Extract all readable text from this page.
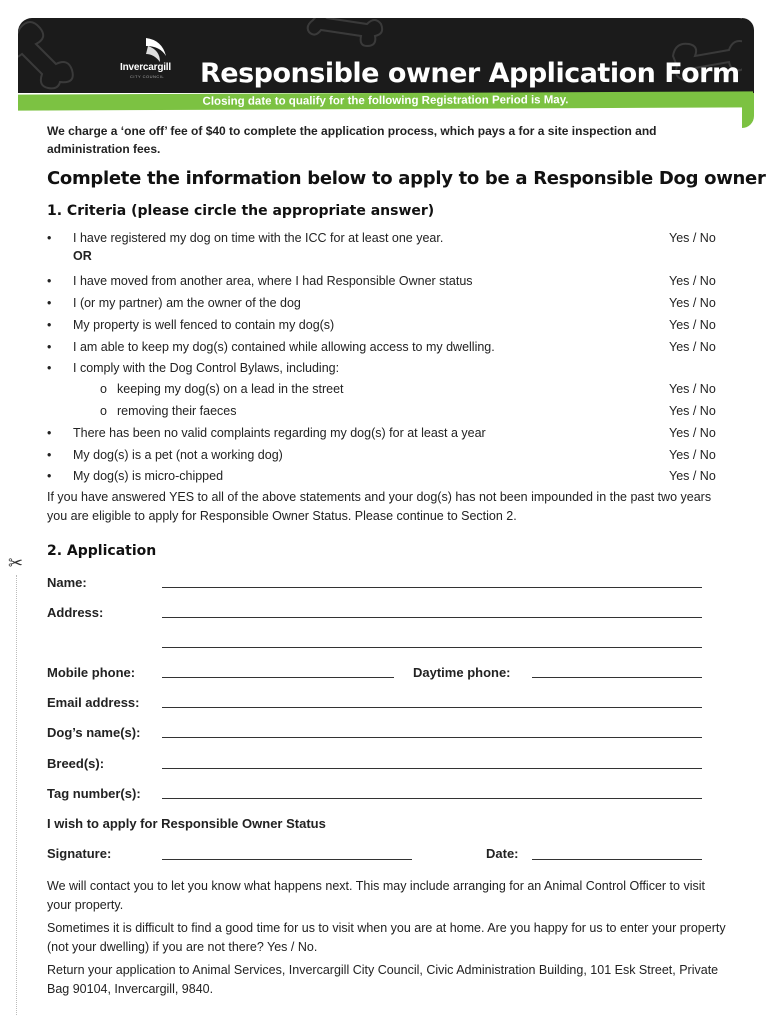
Invercargill
CITY COUNCIL Responsible owner Application Form
Closing date to qualify for the following Registration Period is May.

We charge a ‘one off’ fee of $40 to complete the application process, which pays a for a site inspection and administration fees.

Complete the information below to apply to be a Responsible Dog owner
1. Criteria (please circle the appropriate answer)
• I have registered my dog on time with the ICC for at least one year.	Yes / No
OR
• I have moved from another area, where I had Responsible Owner status	Yes / No
• I (or my partner) am the owner of the dog	Yes / No
• My property is well fenced to contain my dog(s)	Yes / No
• I am able to keep my dog(s) contained while allowing access to my dwelling.	Yes / No
• I comply with the Dog Control Bylaws, including:
o keeping my dog(s) on a lead in the street	Yes / No
o removing their faeces	Yes / No
• There has been no valid complaints regarding my dog(s) for at least a year	Yes / No
• My dog(s) is a pet (not a working dog)	Yes / No
• My dog(s) is micro-chipped	Yes / No
If you have answered YES to all of the above statements and your dog(s) has not been impounded in the past two years you are eligible to apply for Responsible Owner Status. Please continue to Section 2.
✂
2. Application
Name:
Address:
Mobile phone:	Daytime phone:
Email address:
Dog’s name(s):
Breed(s):
Tag number(s):
I wish to apply for Responsible Owner Status
Signature:	Date:
We will contact you to let you know what happens next. This may include arranging for an Animal Control Officer to visit your property.
Sometimes it is difficult to find a good time for us to visit when you are at home. Are you happy for us to enter your property (not your dwelling) if you are not there? Yes / No.
Return your application to Animal Services, Invercargill City Council, Civic Administration Building, 101 Esk Street, Private Bag 90104, Invercargill, 9840.
